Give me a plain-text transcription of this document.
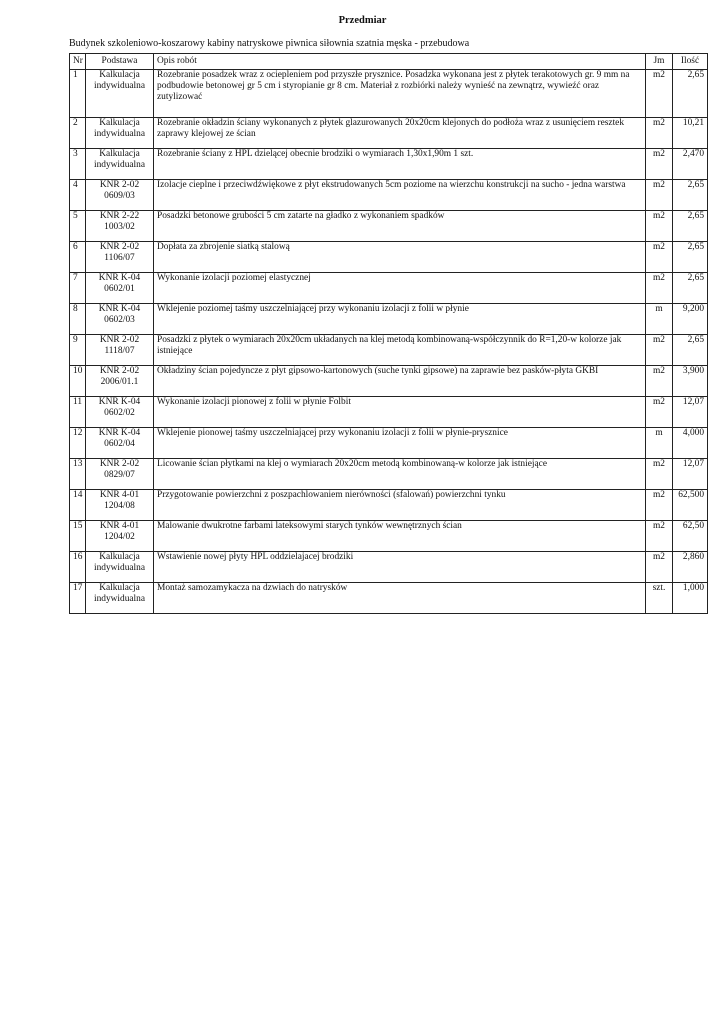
Przedmiar
Budynek szkoleniowo-koszarowy kabiny natryskowe piwnica siłownia szatnia męska - przebudowa
Nr	Podstawa	Opis robót	Jm	Ilość
1	Kalkulacja
indywidualna	Rozebranie posadzek wraz z ociepleniem pod przyszłe prysznice. Posadzka wykonana jest z płytek terakotowych gr. 9 mm na podbudowie betonowej gr 5 cm i styropianie gr 8 cm. Materiał z rozbiórki należy wynieść na zewnątrz, wywieźć oraz zutylizować	m2	2,65
2	Kalkulacja
indywidualna	Rozebranie okładzin ściany wykonanych z płytek glazurowanych 20x20cm klejonych do podłoża wraz z usunięciem resztek zaprawy klejowej ze ścian	m2	10,21
3	Kalkulacja
indywidualna	Rozebranie ściany z HPL dzielącej obecnie brodziki o wymiarach 1,30x1,90m 1 szt.	m2	2,470
4	KNR 2-02
0609/03	Izolacje cieplne i przeciwdźwiękowe z płyt ekstrudowanych 5cm poziome na wierzchu konstrukcji na sucho - jedna warstwa	m2	2,65
5	KNR 2-22
1003/02	Posadzki betonowe grubości 5 cm zatarte na gładko z wykonaniem spadków	m2	2,65
6	KNR 2-02
1106/07	Dopłata za zbrojenie siatką stalową	m2	2,65
7	KNR K-04
0602/01	Wykonanie izolacji poziomej elastycznej	m2	2,65
8	KNR K-04
0602/03	Wklejenie poziomej taśmy uszczelniającej przy wykonaniu izolacji z folii w płynie	m	9,200
9	KNR 2-02
1118/07	Posadzki z płytek o wymiarach 20x20cm układanych na klej metodą kombinowaną-współczynnik do R=1,20-w kolorze jak istniejące	m2	2,65
10	KNR 2-02
2006/01.1	Okładziny ścian pojedyncze z płyt gipsowo-kartonowych (suche tynki gipsowe) na zaprawie bez pasków-płyta GKBI	m2	3,900
11	KNR K-04
0602/02	Wykonanie izolacji pionowej z folii w płynie Folbit	m2	12,07
12	KNR K-04
0602/04	Wklejenie pionowej taśmy uszczelniającej przy wykonaniu izolacji z folii w płynie-prysznice	m	4,000
13	KNR 2-02
0829/07	Licowanie ścian płytkami na klej o wymiarach 20x20cm metodą kombinowaną-w kolorze jak istniejące	m2	12,07
14	KNR 4-01
1204/08	Przygotowanie powierzchni z poszpachlowaniem nierówności (sfalowań) powierzchni tynku	m2	62,500
15	KNR 4-01
1204/02	Malowanie dwukrotne farbami lateksowymi starych tynków wewnętrznych ścian	m2	62,50
16	Kalkulacja
indywidualna	Wstawienie nowej płyty HPL oddzielajacej brodziki	m2	2,860
17	Kalkulacja
indywidualna	Montaż samozamykacza na dzwiach do natrysków	szt.	1,000
